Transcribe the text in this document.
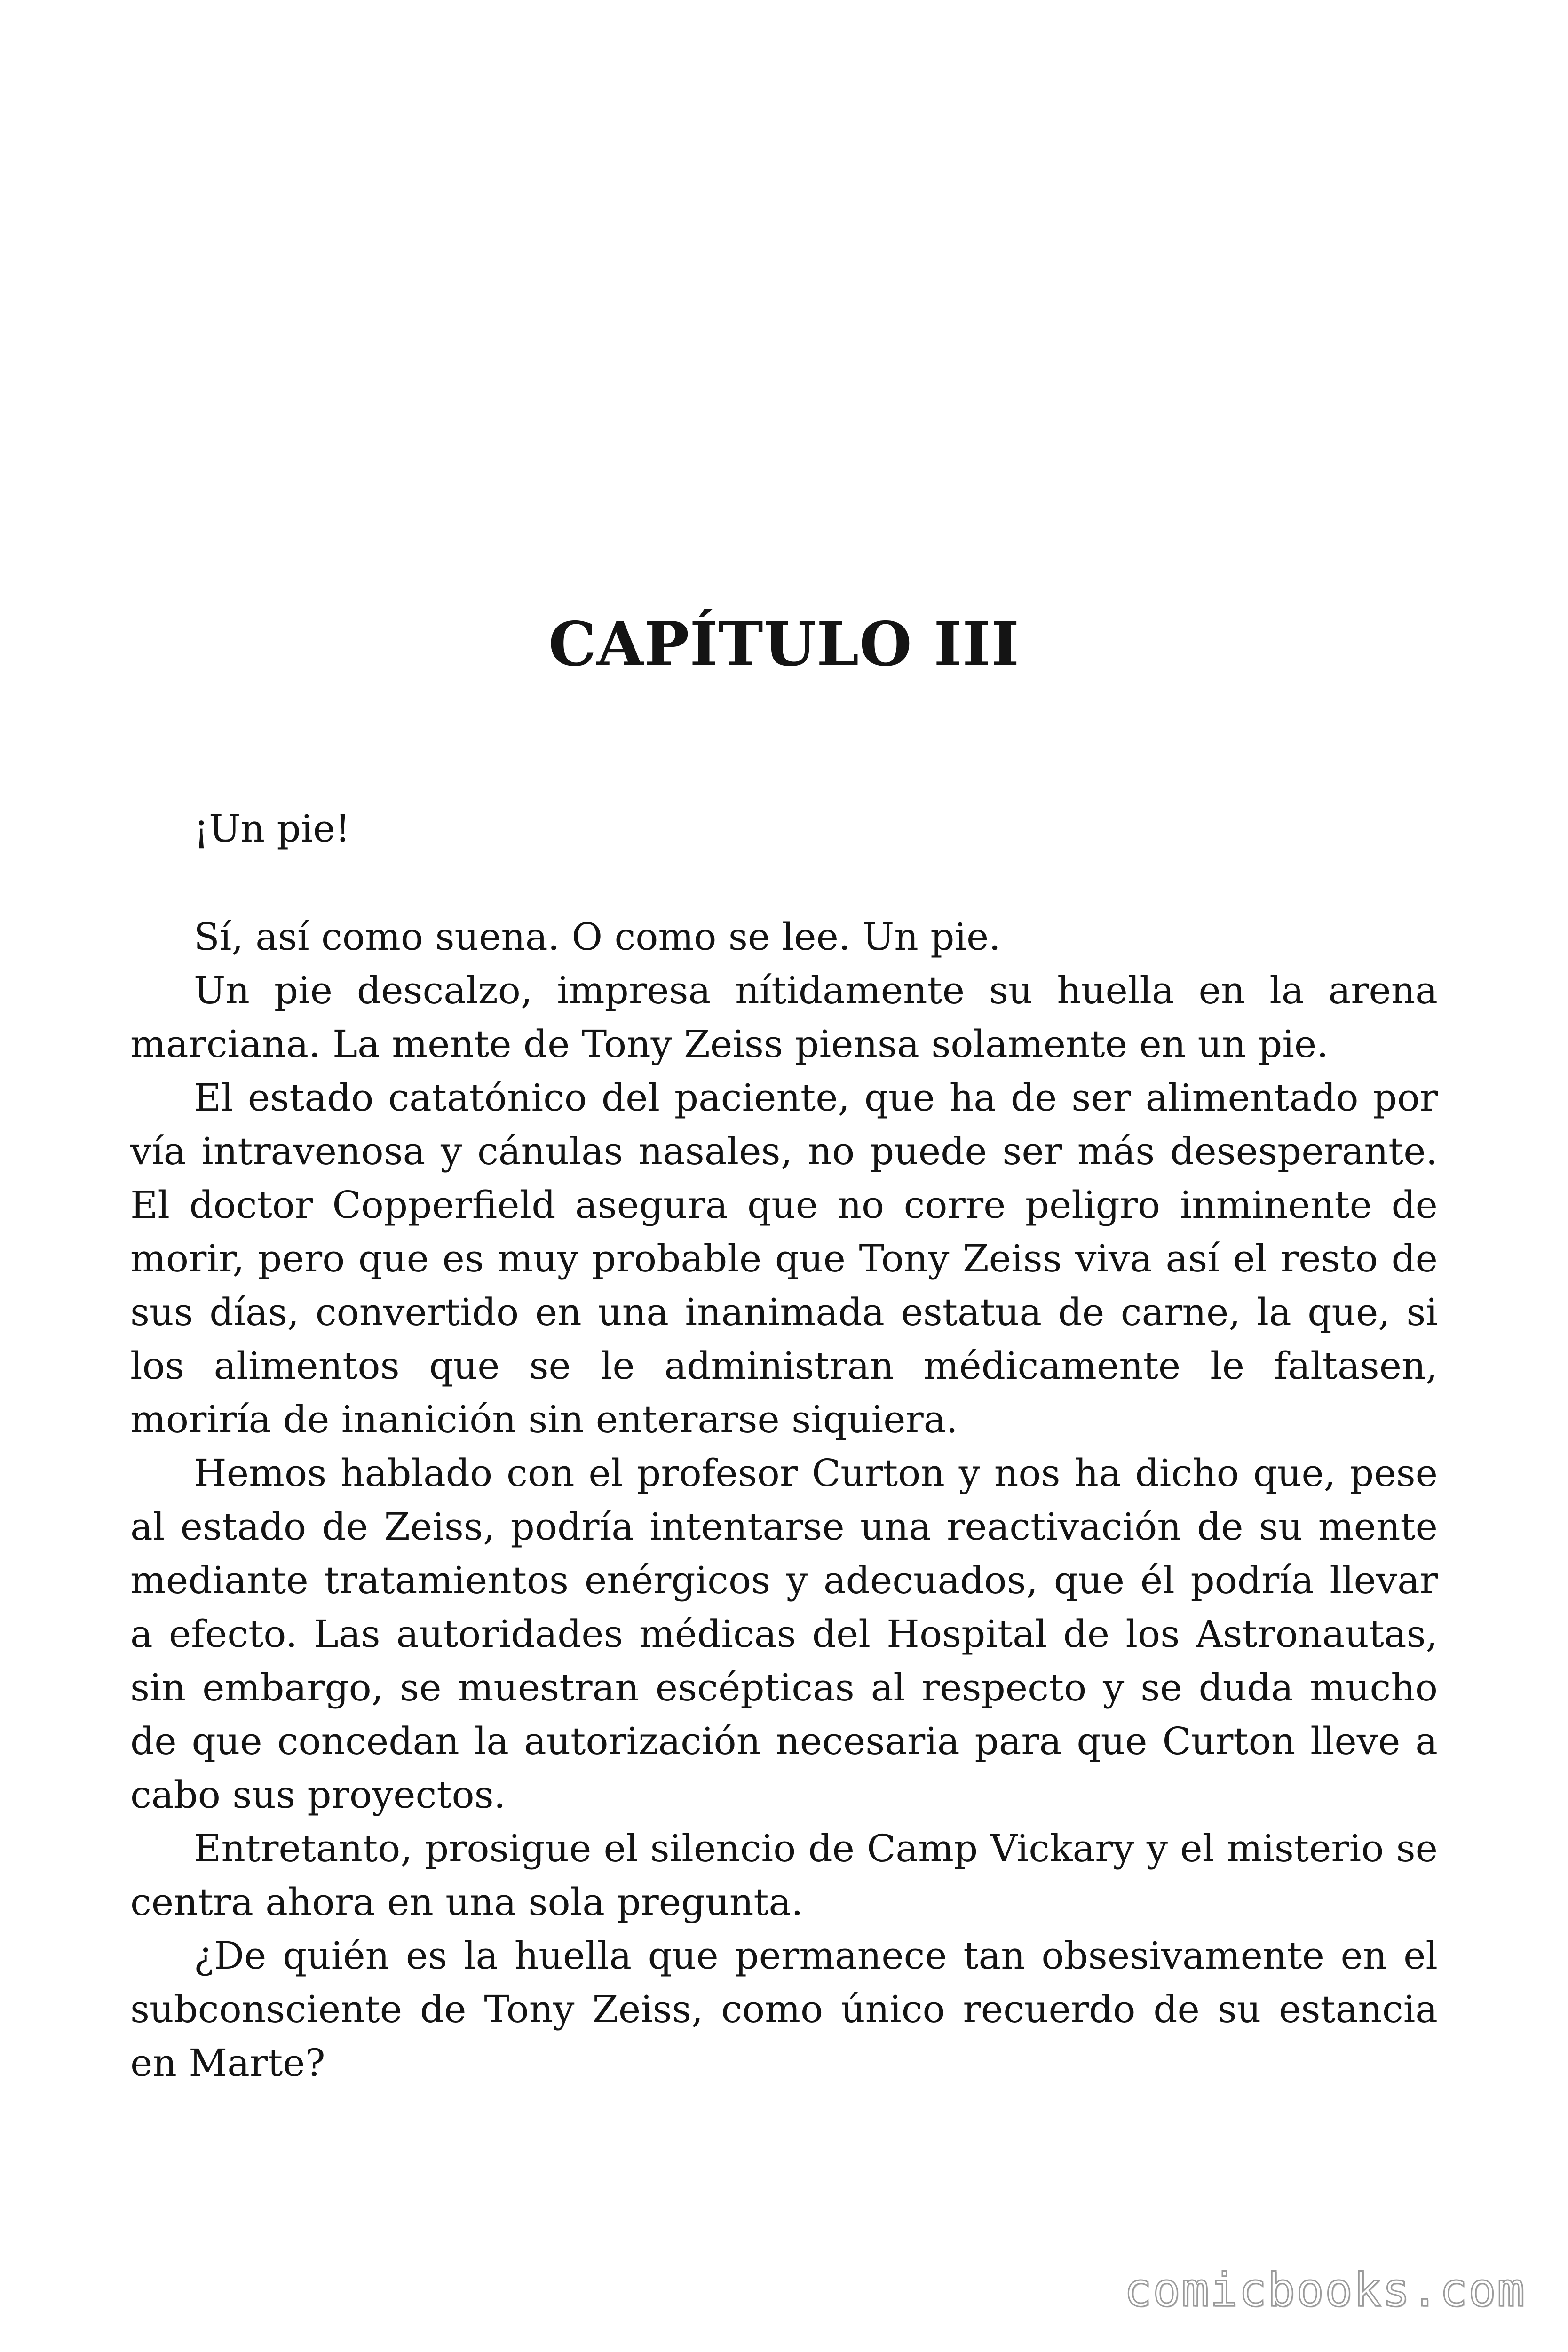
CAPÍTULO III

¡Un pie!

Sí, así como suena. O como se lee. Un pie.

Un pie descalzo, impresa nítidamente su huella en la arena marciana. La mente de Tony Zeiss piensa solamente en un pie.

El estado catatónico del paciente, que ha de ser alimentado por vía intravenosa y cánulas nasales, no puede ser más desesperante. El doctor Copperfield asegura que no corre peligro inminente de morir, pero que es muy probable que Tony Zeiss viva así el resto de sus días, convertido en una inanimada estatua de carne, la que, si los alimentos que se le administran médicamente le faltasen, moriría de inanición sin enterarse siquiera.

Hemos hablado con el profesor Curton y nos ha dicho que, pese al estado de Zeiss, podría intentarse una reactivación de su mente mediante tratamientos enérgicos y adecuados, que él podría llevar a efecto. Las autoridades médicas del Hospital de los Astronautas, sin embargo, se muestran escépticas al respecto y se duda mucho de que concedan la autorización necesaria para que Curton lleve a cabo sus proyectos.

Entretanto, prosigue el silencio de Camp Vickary y el misterio se centra ahora en una sola pregunta.

¿De quién es la huella que permanece tan obsesivamente en el subconsciente de Tony Zeiss, como único recuerdo de su estancia en Marte?

comicbooks.com
